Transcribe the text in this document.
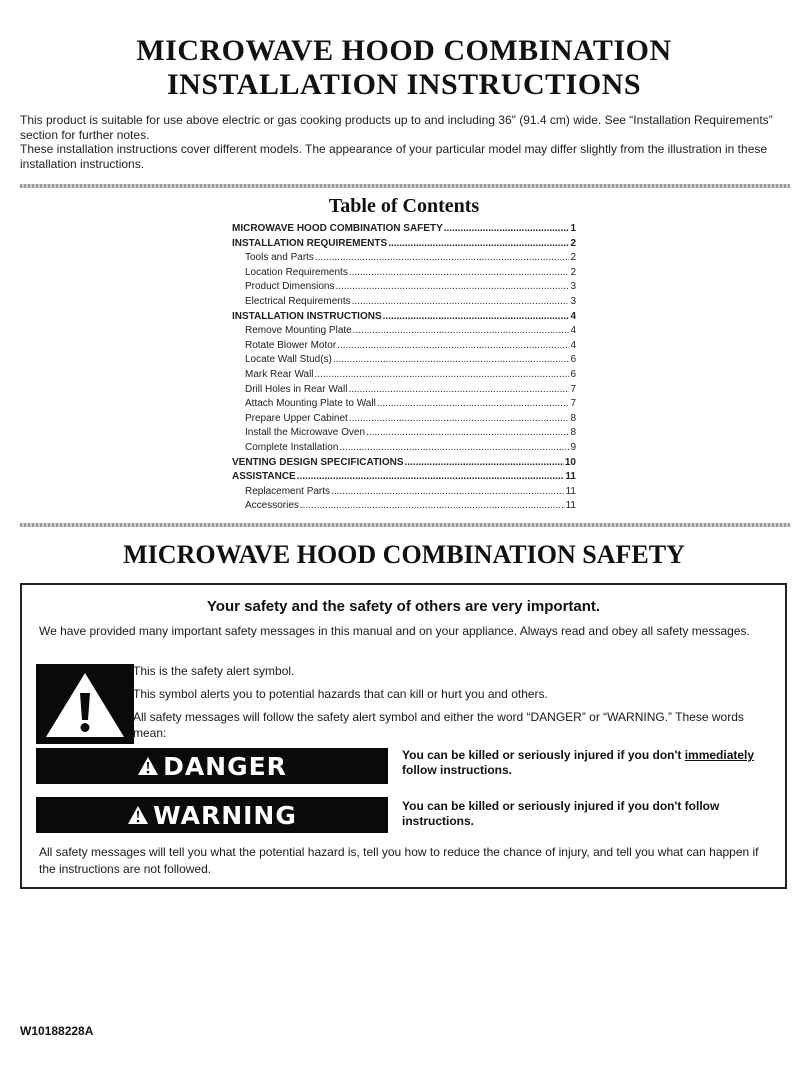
MICROWAVE HOOD COMBINATION
INSTALLATION INSTRUCTIONS

This product is suitable for use above electric or gas cooking products up to and including 36" (91.4 cm) wide. See “Installation Requirements” section for further notes.

These installation instructions cover different models. The appearance of your particular model may differ slightly from the illustration in these installation instructions.

Table of Contents
MICROWAVE HOOD COMBINATION SAFETY .....	1
INSTALLATION REQUIREMENTS .....	2
Tools and Parts .....	2
Location Requirements .....	2
Product Dimensions .....	3
Electrical Requirements .....	3
INSTALLATION INSTRUCTIONS .....	4
Remove Mounting Plate .....	4
Rotate Blower Motor .....	4
Locate Wall Stud(s) .....	6
Mark Rear Wall .....	6
Drill Holes in Rear Wall .....	7
Attach Mounting Plate to Wall .....	7
Prepare Upper Cabinet .....	8
Install the Microwave Oven .....	8
Complete Installation .....	9
VENTING DESIGN SPECIFICATIONS .....	10
ASSISTANCE .....	11
Replacement Parts .....	11
Accessories .....	11
MICROWAVE HOOD COMBINATION SAFETY
Your safety and the safety of others are very important.
We have provided many important safety messages in this manual and on your appliance. Always read and obey all safety messages.

This is the safety alert symbol.

This symbol alerts you to potential hazards that can kill or hurt you and others.

All safety messages will follow the safety alert symbol and either the word “DANGER” or “WARNING.” These words mean:

DANGER	You can be killed or seriously injured if you don't immediately follow instructions.
WARNING	You can be killed or seriously injured if you don't follow instructions.
All safety messages will tell you what the potential hazard is, tell you how to reduce the chance of injury, and tell you what can happen if the instructions are not followed.
W10188228A
